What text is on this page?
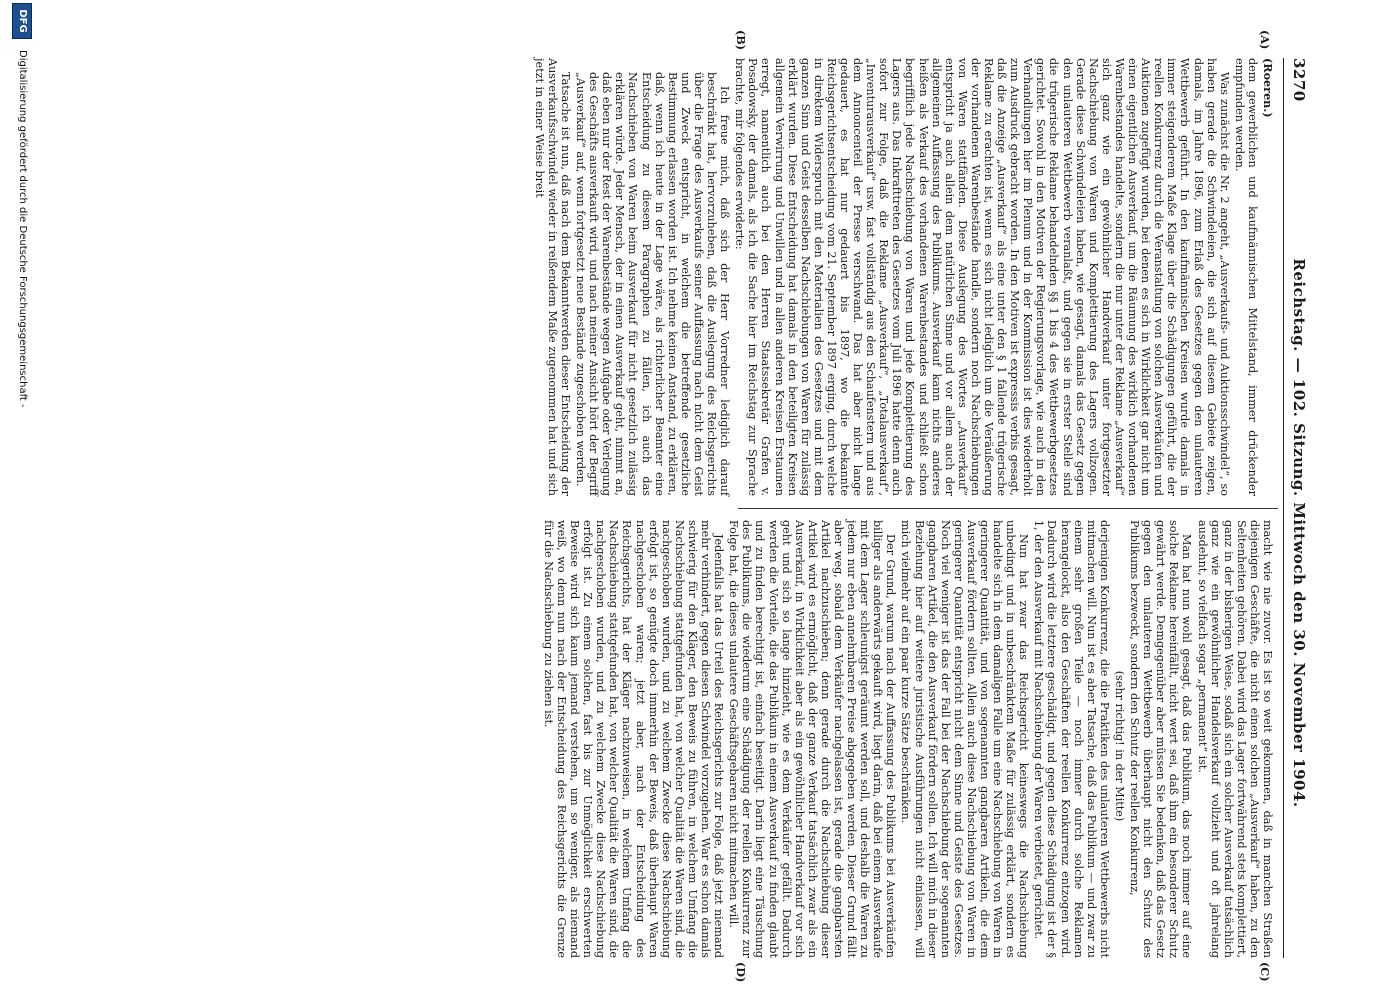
3270
Reichstag. — 102. Sitzung. Mittwoch den 30. November 1904.
(A)
(B)
(C)
(D)

(Roeren.)

dem gewerblichen und kaufmännischen Mittelstand, immer drückender empfunden werden.

Was zunächst die Nr. 2 angeht, „Ausverkaufs- und Auktionsschwindel“, so haben gerade die Schwindeleien, die sich auf diesem Gebiete zeigen, damals, im Jahre 1896, zum Erlaß des Gesetzes gegen den unlauteren Wettbewerb geführt. In den kaufmännischen Kreisen wurde damals in immer steigenderem Maße Klage über die Schädigungen geführt, die der reellen Konkurrenz durch die Veranstaltung von solchen Ausverkäufen und Auktionen zugefügt wurden, bei denen es sich in Wirklichkeit gar nicht um einen eigentlichen Ausverkauf, um die Räumung des wirklich vorhandenen Warenbestandes handelte, sondern die nur unter der Reklame „Ausverkauf“ sich ganz wie ein gewöhnlicher Handverkauf unter fortgesetzter Nachschiebung von Waren und Komplettierung des Lagers vollzogen. Gerade diese Schwindeleien haben, wie gesagt, damals das Gesetz gegen den unlauteren Wettbewerb veranlaßt, und gegen sie in erster Stelle sind die trügerische Reklame behandelnden §§ 1 bis 4 des Wettbewerbgesetzes gerichtet. Sowohl in den Motiven der Regierungsvorlage, wie auch in den Verhandlungen hier im Plenum und in der Kommission ist dies wiederholt zum Ausdruck gebracht worden. In den Motiven ist expressis verbis gesagt, daß die Anzeige „Ausverkauf“ als eine unter den § 1 fallende trügerische Reklame zu erachten ist, wenn es sich nicht lediglich um die Veräußerung der vorhandenen Warenbestände handle, sondern noch Nachschiebungen von Waren stattfänden. Diese Auslegung des Wortes „Ausverkauf“ entspricht ja auch allein dem natürlichen Sinne und vor allem auch der allgemeinen Auffassung des Publikums. Ausverkauf kann nichts anderes heißen als Verkauf des vorhandenen Warenbestandes und schließt schon begrifflich jede Nachschiebung von Waren und jede Komplettierung des Lagers aus. Das Inkrafttreten des Gesetzes vom Juli 1896 hatte denn auch sofort zur Folge, daß die Reklame „Ausverkauf“, „Totalausverkauf“, „Inventurausverkauf“ usw. fast vollständig aus den Schaufenstern und aus dem Annoncenteil der Presse verschwand. Das hat aber nicht lange gedauert, es hat nur gedauert bis 1897, wo die bekannte Reichsgerichtsentscheidung vom 21. September 1897 erging, durch welche in direktem Widerspruch mit den Materialien des Gesetzes und mit dem ganzen Sinn und Geist desselben Nachschiebungen von Waren für zulässig erklärt wurden. Diese Entscheidung hat damals in den beteiligten Kreisen allgemein Verwirrung und Unwillen und in allen anderen Kreisen Erstaunen erregt, namentlich auch bei den Herren Staatssekretär Grafen v. Posadowsky, der damals, als ich die Sache hier im Reichstag zur Sprache brachte, mir folgendes erwiderte:

Ich freue mich, daß sich der Herr Vorredner lediglich darauf beschränkt hat, hervorzuheben, daß die Auslegung des Reichsgerichts über die Frage des Ausverkaufs seiner Auffassung nach nicht dem Geist und Zweck entspricht, in welchem die betreffende gesetzliche Bestimmung erlassen worden ist. Ich nehme keinen Anstand, zu erklären, daß, wenn ich heute in der Lage wäre, als richterlicher Beamter eine Entscheidung zu diesem Paragraphen zu fällen, ich auch das Nachschieben von Waren beim Ausverkauf für nicht gesetzlich zulässig erklären würde. Jeder Mensch, der in einen Ausverkauf geht, nimmt an, daß eben nur der Rest der Warenbestände wegen Aufgabe oder Verlegung des Geschäfts ausverkauft wird, und nach meiner Ansicht hört der Begriff „Ausverkauf“ auf, wenn fortgesetzt neue Bestände zugeschoben werden.

Tatsache ist nun, daß nach dem Bekanntwerden dieser Entscheidung der Ausverkaufsschwindel wieder in reißendem Maße zugenommen hat und sich jetzt in einer Weise breit

macht wie nie zuvor. Es ist so weit gekommen, daß in manchen Straßen diejenigen Geschäfte, die nicht einen solchen „Ausverkauf“ haben, zu den Seltenheiten gehören. Dabei wird das Lager fortwährend stets komplettiert, ganz in der bisherigen Weise, sodaß sich ein solcher Ausverkauf tatsächlich ganz wie ein gewöhnlicher Handelsverkauf vollzieht und oft jahrelang ausdehnt, so vielfach sogar „permanent“ ist.

Man hat nun wohl gesagt, daß das Publikum, das noch immer auf eine solche Reklame hereinfällt, nicht wert sei, daß ihm ein besonderer Schutz gewährt werde. Demgegenüber aber müssen Sie bedenken, daß das Gesetz gegen den unlauteren Wettbewerb überhaupt nicht den Schutz des Publikums bezweckt, sondern den Schutz der reellen Konkurrenz,

(sehr richtig! in der Mitte)

derjenigen Konkurrenz, die die Praktiken des unlauteren Wettbewerbs nicht mitmachen will. Nun ist es aber Tatsache, daß das Publikum — und zwar zu einem sehr großen Teile — noch immer durch solche Reklamen herangelockt, also den Geschäften der reellen Konkurrenz entzogen wird. Dadurch wird die letztere geschädigt, und gegen diese Schädigung ist der § 1, der den Ausverkauf mit Nachschiebung der Waren verbietet, gerichtet.

Nun hat zwar das Reichsgericht keineswegs die Nachschiebung unbedingt und in unbeschränktem Maße für zulässig erklärt, sondern es handelte sich in dem damaligen Falle um eine Nachschiebung von Waren in geringerer Quantität, und von sogenannten gangbaren Artikeln, die dem Ausverkauf fördern sollten. Allein auch diese Nachschiebung von Waren in geringerer Quantität entspricht nicht dem Sinne und Geiste des Gesetzes. Noch viel weniger ist das der Fall bei der Nachschiebung der sogenannten gangbaren Artikel, die den Ausverkauf fördern sollen. Ich will mich in dieser Beziehung hier auf weitere juristische Ausführungen nicht einlassen, will mich vielmehr auf ein paar kurze Sätze beschränken.

Der Grund, warum nach der Auffassung des Publikums bei Ausverkäufen billiger als anderwärts gekauft wird, liegt darin, daß bei einem Ausverkaufe mit dem Lager schleunigst geräumt werden soll, und deshalb die Waren zu jedem nur eben annehmbaren Preise abgegeben werden. Dieser Grund fällt aber weg, sobald dem Verkäufer nachgelassen ist, gerade die gangbarsten Artikel nachzuschieben; denn gerade durch die Nachschiebung dieser Artikel wird es ermöglicht, daß der ganze Verkauf tatsächlich zwar als ein Ausverkauf, in Wirklichkeit aber als ein gewöhnlicher Handverkauf vor sich geht und sich so lange hinzieht, wie es dem Verkäufer gefällt. Dadurch werden die Vorteile, die das Publikum in einem Ausverkauf zu finden glaubt und zu finden berechtigt ist, einfach beseitigt. Darin liegt eine Täuschung des Publikums, die wiederum eine Schädigung der reellen Konkurrenz zur Folge hat, die dieses unlautere Geschäftsgebaren nicht mitmachen will.

Jedenfalls hat das Urteil des Reichsgerichts zur Folge, daß jetzt niemand mehr verhindert, gegen diesen Schwindel vorzugehen. War es schon damals schwierig für den Kläger, den Beweis zu führen, in welchem Umfang die Nachschiebung stattgefunden hat, von welcher Qualität die Waren sind, die nachgeschoben wurden, und zu welchem Zwecke diese Nachschiebung erfolgt ist, so genügte doch immerhin der Beweis, daß überhaupt Waren nachgeschoben waren; jetzt aber, nach der Entscheidung des Reichsgerichts, hat der Kläger nachzuweisen, in welchem Umfang die Nachschiebung stattgefunden hat, von welcher Qualität die Waren sind, die nachgeschoben wurden, und zu welchem Zwecke diese Nachschiebung erfolgt ist. Zu einem solchen, fast bis zur Unmöglichkeit erschwerten Beweise wird sich kaum jemand verstehen, um so weniger, als niemand weiß, wo denn nun nach der Entscheidung des Reichsgerichts die Grenze für die Nachschiebung zu ziehen ist.

DFG
Digitalisierung gefördert durch die Deutsche Forschungsgemeinschaft -
